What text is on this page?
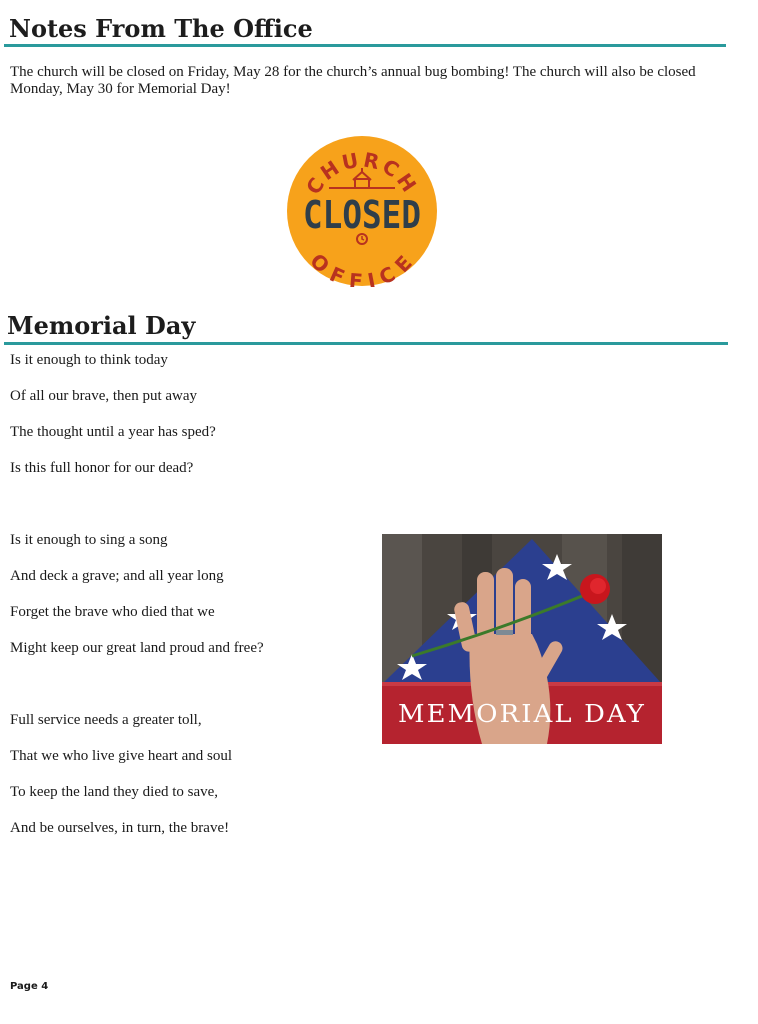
Notes From The Office

The church will be closed on Friday, May 28 for the church’s annual bug bombing! The church will also be closed Monday, May 30 for Memorial Day!

CHURCH
CLOSED
OFFICE
Memorial Day
Is it enough to think today
Of all our brave, then put away
The thought until a year has sped?
Is this full honor for our dead?
Is it enough to sing a song
And deck a grave; and all year long
Forget the brave who died that we
Might keep our great land proud and free?
Full service needs a greater toll,
That we who live give heart and soul
To keep the land they died to save,
And be ourselves, in turn, the brave!
MEMORIAL DAY
Page 4
